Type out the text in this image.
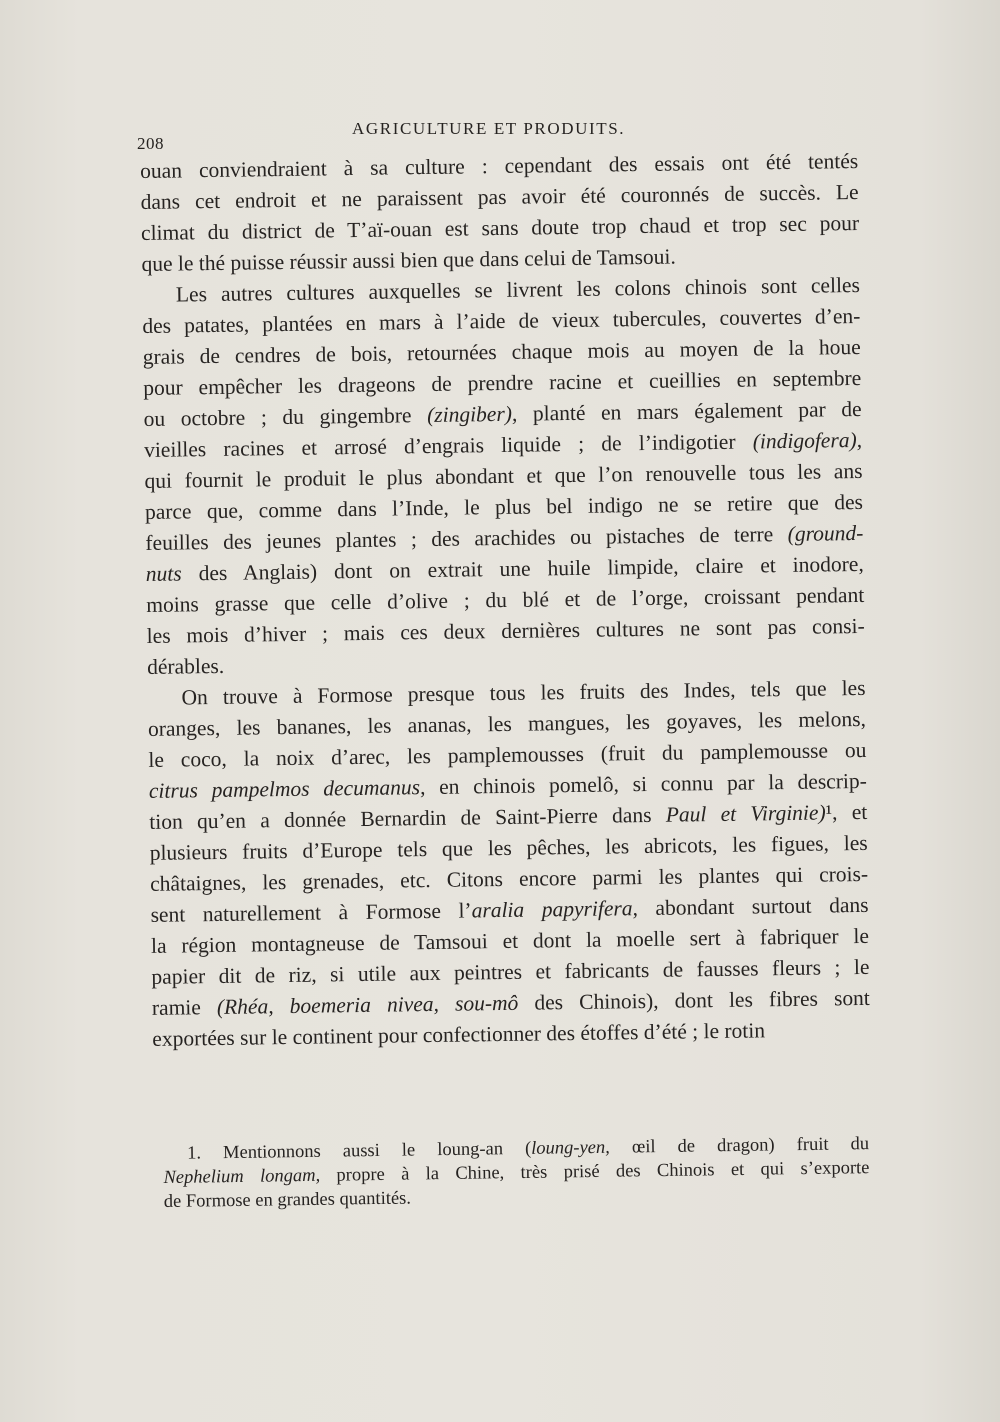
208
AGRICULTURE ET PRODUITS.
ouan conviendraient à sa culture : cependant des essais ont été tentés
dans cet endroit et ne paraissent pas avoir été couronnés de succès. Le
climat du district de T’aï-ouan est sans doute trop chaud et trop sec pour
que le thé puisse réussir aussi bien que dans celui de Tamsoui.
Les autres cultures auxquelles se livrent les colons chinois sont celles
des patates, plantées en mars à l’aide de vieux tubercules, couvertes d’en-
grais de cendres de bois, retournées chaque mois au moyen de la houe
pour empêcher les drageons de prendre racine et cueillies en septembre
ou octobre ; du gingembre (zingiber), planté en mars également par de
vieilles racines et arrosé d’engrais liquide ; de l’indigotier (indigofera),
qui fournit le produit le plus abondant et que l’on renouvelle tous les ans
parce que, comme dans l’Inde, le plus bel indigo ne se retire que des
feuilles des jeunes plantes ; des arachides ou pistaches de terre (ground-
nuts des Anglais) dont on extrait une huile limpide, claire et inodore,
moins grasse que celle d’olive ; du blé et de l’orge, croissant pendant
les mois d’hiver ; mais ces deux dernières cultures ne sont pas consi-
dérables.
On trouve à Formose presque tous les fruits des Indes, tels que les
oranges, les bananes, les ananas, les mangues, les goyaves, les melons,
le coco, la noix d’arec, les pamplemousses (fruit du pamplemousse ou
citrus pampelmos decumanus, en chinois pomelô, si connu par la descrip-
tion qu’en a donnée Bernardin de Saint-Pierre dans Paul et Virginie)¹, et
plusieurs fruits d’Europe tels que les pêches, les abricots, les figues, les
châtaignes, les grenades, etc. Citons encore parmi les plantes qui crois-
sent naturellement à Formose l’aralia papyrifera, abondant surtout dans
la région montagneuse de Tamsoui et dont la moelle sert à fabriquer le
papier dit de riz, si utile aux peintres et fabricants de fausses fleurs ; le
ramie (Rhéa, boemeria nivea, sou-mô des Chinois), dont les fibres sont
exportées sur le continent pour confectionner des étoffes d’été ; le rotin
1. Mentionnons aussi le loung-an (loung-yen, œil de dragon) fruit du
Nephelium longam, propre à la Chine, très prisé des Chinois et qui s’exporte
de Formose en grandes quantités.
